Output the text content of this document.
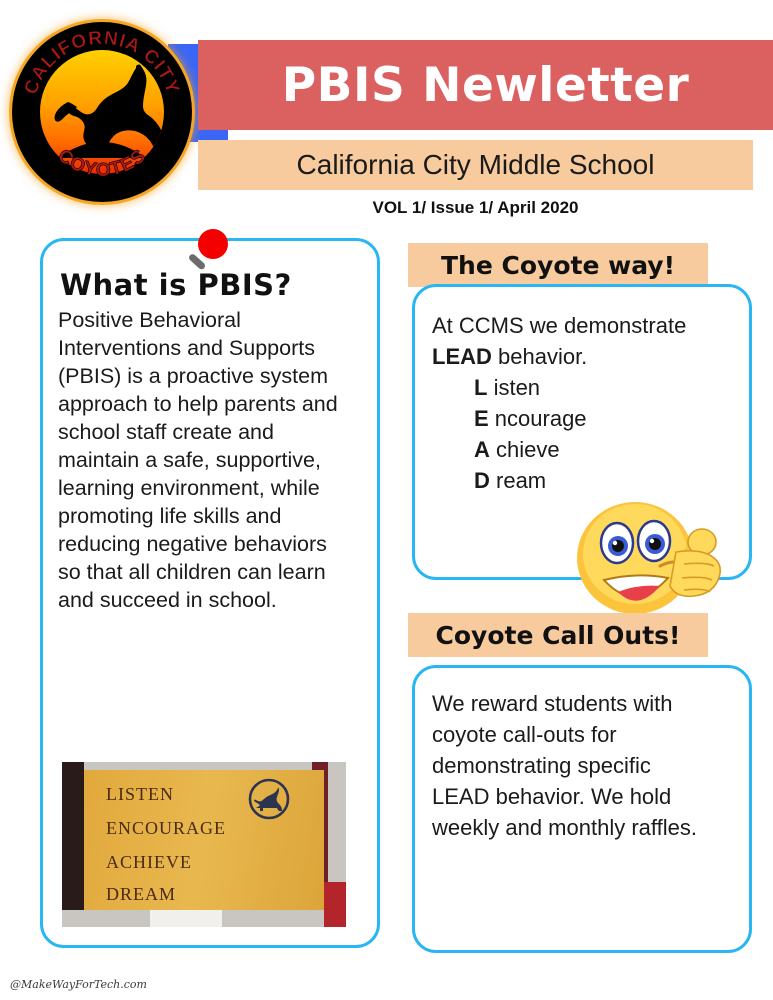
CALIFORNIA CITY
COYOTES
PBIS Newletter
California City Middle School
VOL 1/ Issue 1/ April 2020
What is PBIS?
Positive Behavioral Interventions and Supports (PBIS) is a proactive system approach to help parents and school staff create and maintain a safe, supportive, learning environment, while promoting life skills and reducing negative behaviors so that all children can learn and succeed in school.
LISTEN
ENCOURAGE
ACHIEVE
DREAM
The Coyote way!
At CCMS we demonstrate LEAD behavior.
L isten
E ncourage
A chieve
D ream
Coyote Call Outs!
We reward students with coyote call-outs for demonstrating specific LEAD behavior. We hold weekly and monthly raffles.
@MakeWayForTech.com
